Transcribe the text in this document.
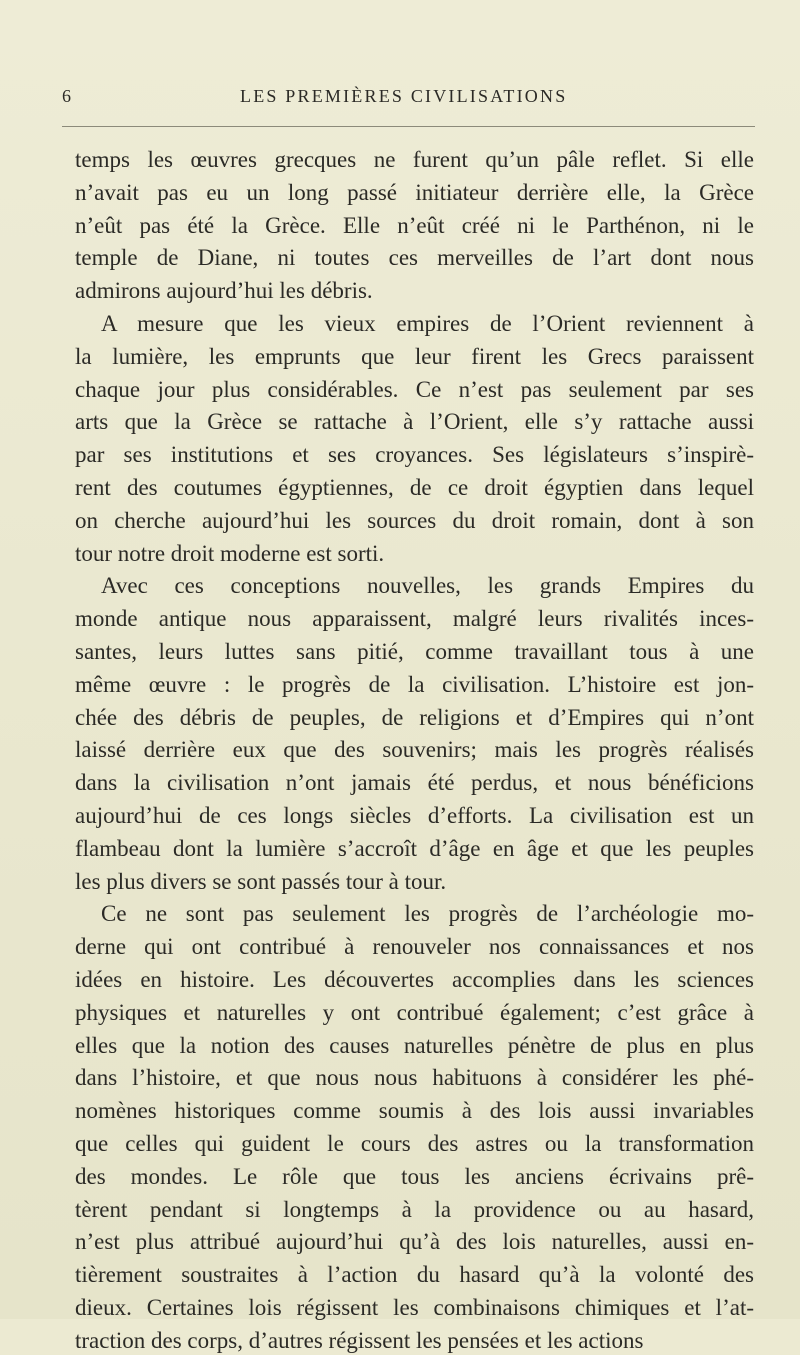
6	LES PREMIÈRES CIVILISATIONS
temps les œuvres grecques ne furent qu’un pâle reflet. Si elle
n’avait pas eu un long passé initiateur derrière elle, la Grèce
n’eût pas été la Grèce. Elle n’eût créé ni le Parthénon, ni le
temple de Diane, ni toutes ces merveilles de l’art dont nous
admirons aujourd’hui les débris.
A mesure que les vieux empires de l’Orient reviennent à
la lumière, les emprunts que leur firent les Grecs paraissent
chaque jour plus considérables. Ce n’est pas seulement par ses
arts que la Grèce se rattache à l’Orient, elle s’y rattache aussi
par ses institutions et ses croyances. Ses législateurs s’inspirè-
rent des coutumes égyptiennes, de ce droit égyptien dans lequel
on cherche aujourd’hui les sources du droit romain, dont à son
tour notre droit moderne est sorti.
Avec ces conceptions nouvelles, les grands Empires du
monde antique nous apparaissent, malgré leurs rivalités inces-
santes, leurs luttes sans pitié, comme travaillant tous à une
même œuvre : le progrès de la civilisation. L’histoire est jon-
chée des débris de peuples, de religions et d’Empires qui n’ont
laissé derrière eux que des souvenirs; mais les progrès réalisés
dans la civilisation n’ont jamais été perdus, et nous bénéficions
aujourd’hui de ces longs siècles d’efforts. La civilisation est un
flambeau dont la lumière s’accroît d’âge en âge et que les peuples
les plus divers se sont passés tour à tour.
Ce ne sont pas seulement les progrès de l’archéologie mo-
derne qui ont contribué à renouveler nos connaissances et nos
idées en histoire. Les découvertes accomplies dans les sciences
physiques et naturelles y ont contribué également; c’est grâce à
elles que la notion des causes naturelles pénètre de plus en plus
dans l’histoire, et que nous nous habituons à considérer les phé-
nomènes historiques comme soumis à des lois aussi invariables
que celles qui guident le cours des astres ou la transformation
des mondes. Le rôle que tous les anciens écrivains prê-
tèrent pendant si longtemps à la providence ou au hasard,
n’est plus attribué aujourd’hui qu’à des lois naturelles, aussi en-
tièrement soustraites à l’action du hasard qu’à la volonté des
dieux. Certaines lois régissent les combinaisons chimiques et l’at-
traction des corps, d’autres régissent les pensées et les actions
